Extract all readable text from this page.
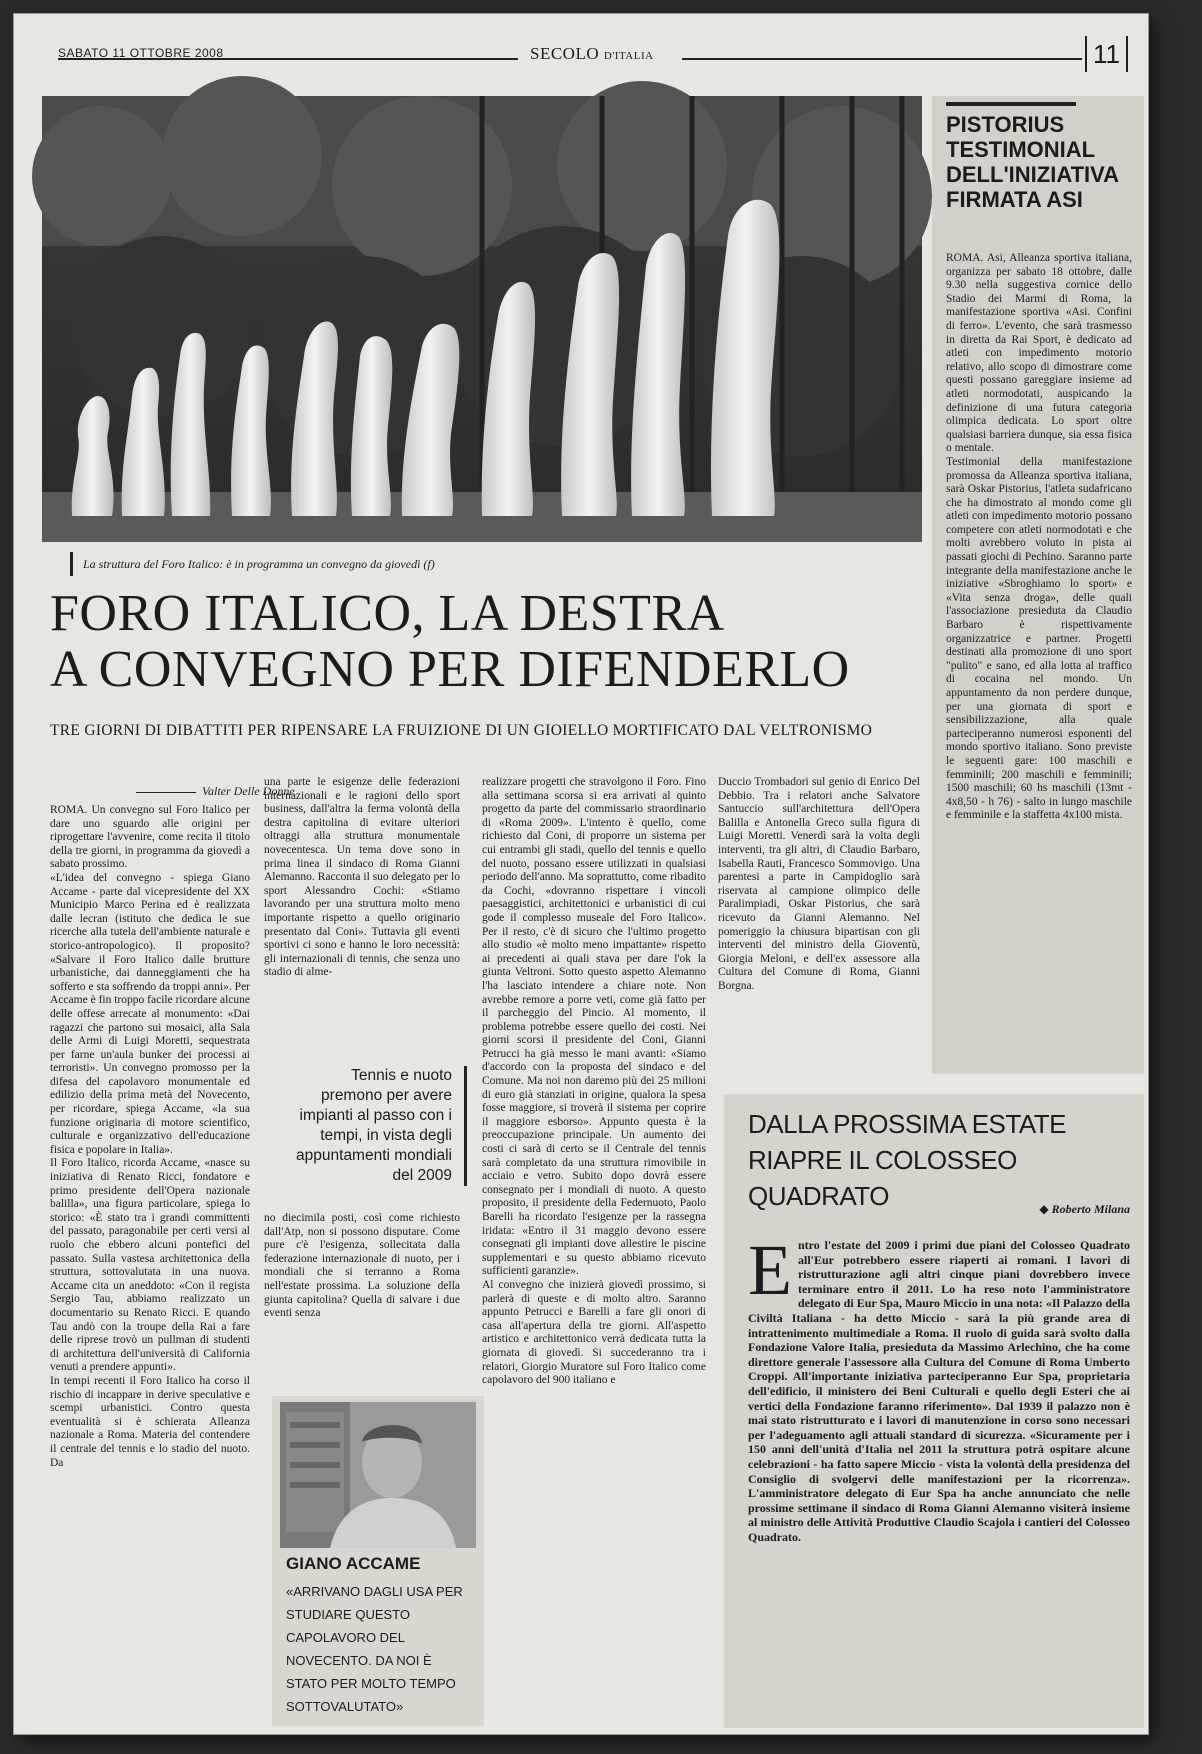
SABATO 11 OTTOBRE 2008	SECOLO D'ITALIA	11
La struttura del Foro Italico: è in programma un convegno da giovedì (f)
FORO ITALICO, LA DESTRA
A CONVEGNO PER DIFENDERLO
TRE GIORNI DI DIBATTITI PER RIPENSARE LA FRUIZIONE DI UN GIOIELLO MORTIFICATO DAL VELTRONISMO
Valter Delle Donne
ROMA. Un convegno sul Foro Italico per dare uno sguardo alle origini per riprogettare l'avvenire, come recita il titolo della tre giorni, in programma da giovedì a sabato prossimo.
«L'idea del convegno - spiega Giano Accame - parte dal vicepresidente del XX Municipio Marco Perina ed è realizzata dalle lecran (istituto che dedica le sue ricerche alla tutela dell'ambiente naturale e storico-antropologico). Il proposito? «Salvare il Foro Italico dalle brutture urbanistiche, dai danneggiamenti che ha sofferto e sta soffrendo da troppi anni». Per Accame è fin troppo facile ricordare alcune delle offese arrecate al monumento: «Dai ragazzi che partono sui mosaici, alla Sala delle Armi di Luigi Moretti, sequestrata per farne un'aula bunker dei processi ai terroristi». Un convegno promosso per la difesa del capolavoro monumentale ed edilizio della prima metà del Novecento, per ricordare, spiega Accame, «la sua funzione originaria di motore scientifico, culturale e organizzativo dell'educazione fisica e popolare in Italia».
Il Foro Italico, ricorda Accame, «nasce su iniziativa di Renato Ricci, fondatore e primo presidente dell'Opera nazionale balilla», una figura particolare, spiega lo storico: «È stato tra i grandi committenti del passato, paragonabile per certi versi al ruolo che ebbero alcuni pontefici del passato. Sulla vastesa architettonica della struttura, sottovalutata in una nuova. Accame cita un aneddoto: «Con il regista Sergio Tau, abbiamo realizzato un documentario su Renato Ricci. E quando Tau andò con la troupe della Rai a fare delle riprese trovò un pullman di studenti di architettura dell'università di California venuti a prendere appunti».
In tempi recenti il Foro Italico ha corso il rischio di incappare in derive speculative e scempi urbanistici. Contro questa eventualità si è schierata Alleanza nazionale a Roma. Materia del contendere il centrale del tennis e lo stadio del nuoto. Da
una parte le esigenze delle federazioni internazionali e le ragioni dello sport business, dall'altra la ferma volontà della destra capitolina di evitare ulteriori oltraggi alla struttura monumentale novecentesca. Un tema dove sono in prima linea il sindaco di Roma Gianni Alemanno. Racconta il suo delegato per lo sport Alessandro Cochi: «Stiamo lavorando per una struttura molto meno importante rispetto a quello originario presentato dal Coni». Tuttavia gli eventi sportivi ci sono e hanno le loro necessità: gli internazionali di tennis, che senza uno stadio di alme-
Tennis e nuoto premono per avere impianti al passo con i tempi, in vista degli appuntamenti mondiali del 2009
no diecimila posti, così come richiesto dall'Atp, non si possono disputare. Come pure c'è l'esigenza, sollecitata dalla federazione internazionale di nuoto, per i mondiali che si terranno a Roma nell'estate prossima. La soluzione della giunta capitolina? Quella di salvare i due eventi senza
realizzare progetti che stravolgono il Foro. Fino alla settimana scorsa si era arrivati al quinto progetto da parte del commissario straordinario di «Roma 2009». L'intento è quello, come richiesto dal Coni, di proporre un sistema per cui entrambi gli stadi, quello del tennis e quello del nuoto, possano essere utilizzati in qualsiasi periodo dell'anno. Ma soprattutto, come ribadito da Cochi, «dovranno rispettare i vincoli paesaggistici, architettonici e urbanistici di cui gode il complesso museale del Foro Italico». Per il resto, c'è di sicuro che l'ultimo progetto allo studio «è molto meno impattante» rispetto ai precedenti ai quali stava per dare l'ok la giunta Veltroni. Sotto questo aspetto Alemanno l'ha lasciato intendere a chiare note. Non avrebbe remore a porre veti, come già fatto per il parcheggio del Pincio. Al momento, il problema potrebbe essere quello dei costi. Nei giorni scorsi il presidente del Coni, Gianni Petrucci ha già messo le mani avanti: «Siamo d'accordo con la proposta del sindaco e del Comune. Ma noi non daremo più dei 25 milioni di euro già stanziati in origine, qualora la spesa fosse maggiore, si troverà il sistema per coprire il maggiore esborso». Appunto questa è la preoccupazione principale. Un aumento dei costi ci sarà di certo se il Centrale del tennis sarà completato da una struttura rimovibile in acciaio e vetro. Subito dopo dovrà essere consegnato per i mondiali di nuoto. A questo proposito, il presidente della Federnuoto, Paolo Barelli ha ricordato l'esigenze per la rassegna iridata: «Entro il 31 maggio devono essere consegnati gli impianti dove allestire le piscine supplementari e su questo abbiamo ricevuto sufficienti garanzie».
Al convegno che inizierà giovedì prossimo, si parlerà di queste e di molto altro. Saranno appunto Petrucci e Barelli a fare gli onori di casa all'apertura della tre giorni. All'aspetto artistico e architettonico verrà dedicata tutta la giornata di giovedì. Si succederanno tra i relatori, Giorgio Muratore sul Foro Italico come capolavoro del 900 italiano e
Duccio Trombadori sul genio di Enrico Del Debbio. Tra i relatori anche Salvatore Santuccio sull'architettura dell'Opera Balilla e Antonella Greco sulla figura di Luigi Moretti. Venerdì sarà la volta degli interventi, tra gli altri, di Claudio Barbaro, Isabella Rauti, Francesco Sommovigo. Una parentesi a parte in Campidoglio sarà riservata al campione olimpico delle Paralimpiadi, Oskar Pistorius, che sarà ricevuto da Gianni Alemanno. Nel pomeriggio la chiusura bipartisan con gli interventi del ministro della Gioventù, Giorgia Meloni, e dell'ex assessore alla Cultura del Comune di Roma, Gianni Borgna.
GIANO ACCAME
«ARRIVANO DAGLI USA PER STUDIARE QUESTO CAPOLAVORO DEL NOVECENTO. DA NOI È STATO PER MOLTO TEMPO SOTTOVALUTATO»
PISTORIUS
TESTIMONIAL
DELL'INIZIATIVA
FIRMATA ASI
ROMA. Asi, Alleanza sportiva italiana, organizza per sabato 18 ottobre, dalle 9.30 nella suggestiva cornice dello Stadio dei Marmi di Roma, la manifestazione sportiva «Asi. Confini di ferro». L'evento, che sarà trasmesso in diretta da Rai Sport, è dedicato ad atleti con impedimento motorio relativo, allo scopo di dimostrare come questi possano gareggiare insieme ad atleti normodotati, auspicando la definizione di una futura categoria olimpica dedicata. Lo sport oltre qualsiasi barriera dunque, sia essa fisica o mentale.
Testimonial della manifestazione promossa da Alleanza sportiva italiana, sarà Oskar Pistorius, l'atleta sudafricano che ha dimostrato al mondo come gli atleti con impedimento motorio possano competere con atleti normodotati e che molti avrebbero voluto in pista ai passati giochi di Pechino. Saranno parte integrante della manifestazione anche le iniziative «Sbroghiamo lo sport» e «Vita senza droga», delle quali l'associazione presieduta da Claudio Barbaro è rispettivamente organizzatrice e partner. Progetti destinati alla promozione di uno sport "pulito" e sano, ed alla lotta al traffico di cocaina nel mondo. Un appuntamento da non perdere dunque, per una giornata di sport e sensibilizzazione, alla quale parteciperanno numerosi esponenti del mondo sportivo italiano. Sono previste le seguenti gare: 100 maschili e femminili; 200 maschili e femminili; 1500 maschili; 60 hs maschili (13mt - 4x8,50 - h 76) - salto in lungo maschile e femminile e la staffetta 4x100 mista.
DALLA PROSSIMA ESTATE
RIAPRE IL COLOSSEO QUADRATO	◆ Roberto Milana
Entro l'estate del 2009 i primi due piani del Colosseo Quadrato all'Eur potrebbero essere riaperti ai romani. I lavori di ristrutturazione agli altri cinque piani dovrebbero invece terminare entro il 2011. Lo ha reso noto l'amministratore delegato di Eur Spa, Mauro Miccio in una nota: «Il Palazzo della Civiltà Italiana - ha detto Miccio - sarà la più grande area di intrattenimento multimediale a Roma. Il ruolo di guida sarà svolto dalla Fondazione Valore Italia, presieduta da Massimo Arlechino, che ha come direttore generale l'assessore alla Cultura del Comune di Roma Umberto Croppi. All'importante iniziativa parteciperanno Eur Spa, proprietaria dell'edificio, il ministero dei Beni Culturali e quello degli Esteri che ai vertici della Fondazione faranno riferimento». Dal 1939 il palazzo non è mai stato ristrutturato e i lavori di manutenzione in corso sono necessari per l'adeguamento agli attuali standard di sicurezza. «Sicuramente per i 150 anni dell'unità d'Italia nel 2011 la struttura potrà ospitare alcune celebrazioni - ha fatto sapere Miccio - vista la volontà della presidenza del Consiglio di svolgervi delle manifestazioni per la ricorrenza». L'amministratore delegato di Eur Spa ha anche annunciato che nelle prossime settimane il sindaco di Roma Gianni Alemanno visiterà insieme al ministro delle Attività Produttive Claudio Scajola i cantieri del Colosseo Quadrato.
